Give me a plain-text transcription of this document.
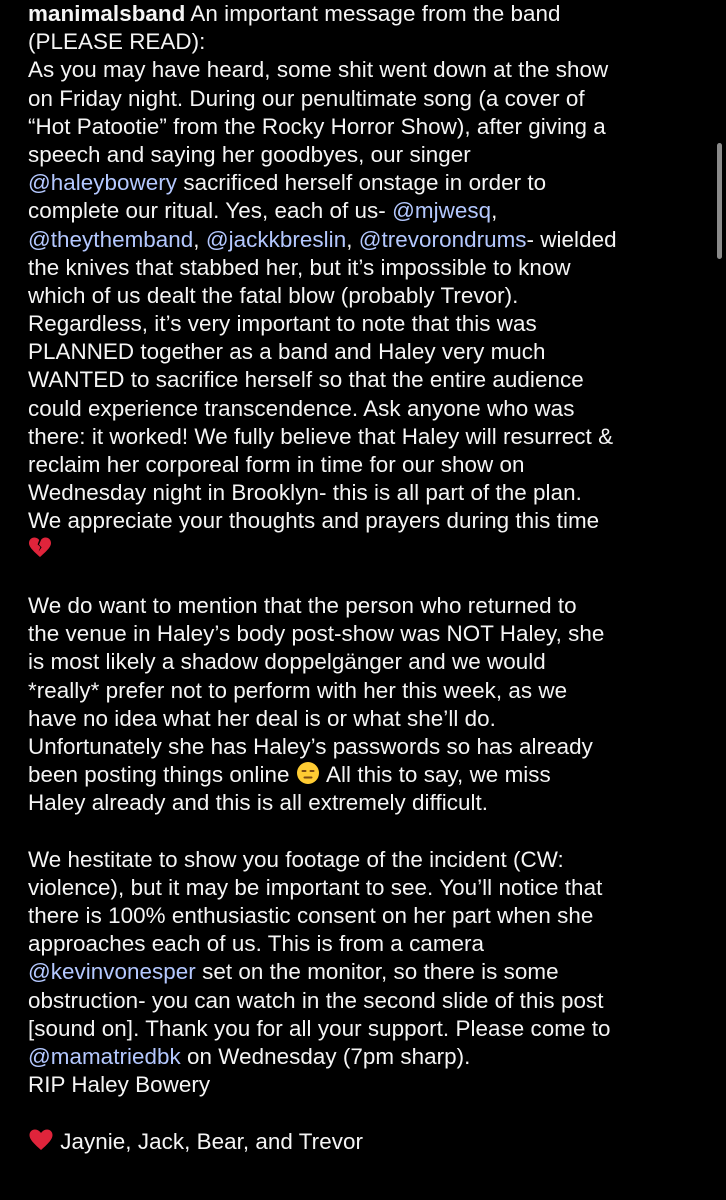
manimalsband An important message from the band
(PLEASE READ):
As you may have heard, some shit went down at the show
on Friday night. During our penultimate song (a cover of
“Hot Patootie” from the Rocky Horror Show), after giving a
speech and saying her goodbyes, our singer
@haleybowery sacrificed herself onstage in order to
complete our ritual. Yes, each of us- @mjwesq,
@theythemband, @jackkbreslin, @trevorondrums- wielded
the knives that stabbed her, but it’s impossible to know
which of us dealt the fatal blow (probably Trevor).
Regardless, it’s very important to note that this was
PLANNED together as a band and Haley very much
WANTED to sacrifice herself so that the entire audience
could experience transcendence. Ask anyone who was
there: it worked! We fully believe that Haley will resurrect &
reclaim her corporeal form in time for our show on
Wednesday night in Brooklyn- this is all part of the plan.
We appreciate your thoughts and prayers during this time
We do want to mention that the person who returned to
the venue in Haley’s body post-show was NOT Haley, she
is most likely a shadow doppelgänger and we would
*really* prefer not to perform with her this week, as we
have no idea what her deal is or what she’ll do.
Unfortunately she has Haley’s passwords so has already
been posting things online  All this to say, we miss
Haley already and this is all extremely difficult.
We hestitate to show you footage of the incident (CW:
violence), but it may be important to see. You’ll notice that
there is 100% enthusiastic consent on her part when she
approaches each of us. This is from a camera
@kevinvonesper set on the monitor, so there is some
obstruction- you can watch in the second slide of this post
[sound on]. Thank you for all your support. Please come to
@mamatriedbk on Wednesday (7pm sharp).
RIP Haley Bowery
Jaynie, Jack, Bear, and Trevor
